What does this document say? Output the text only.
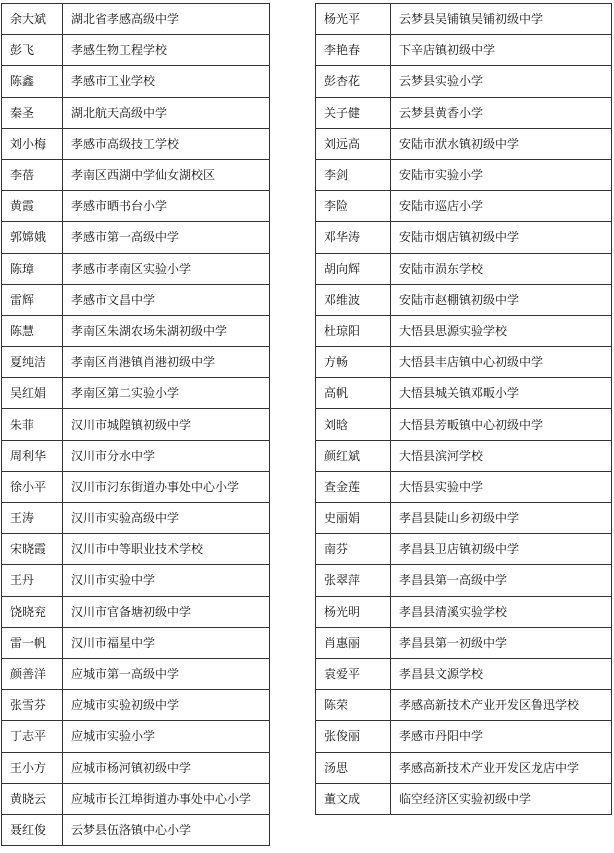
余大斌	湖北省孝感高级中学
彭飞	孝感生物工程学校
陈鑫	孝感市工业学校
秦圣	湖北航天高级中学
刘小梅	孝感市高级技工学校
李蓓	孝南区西湖中学仙女湖校区
黄霞	孝感市晒书台小学
郭嫦娥	孝感市第一高级中学
陈璋	孝感市孝南区实验小学
雷辉	孝感市文昌中学
陈慧	孝南区朱湖农场朱湖初级中学
夏纯洁	孝南区肖港镇肖港初级中学
吴红娟	孝南区第二实验小学
朱菲	汉川市城隍镇初级中学
周利华	汉川市分水中学
徐小平	汉川市汈东街道办事处中心小学
王涛	汉川市实验高级中学
宋晓霞	汉川市中等职业技术学校
王丹	汉川市实验中学
饶晓兖	汉川市官备塘初级中学
雷一帆	汉川市福星中学
颜善洋	应城市第一高级中学
张雪芬	应城市实验初级中学
丁志平	应城市实验小学
王小方	应城市杨河镇初级中学
黄晓云	应城市长江埠街道办事处中心小学
聂红俊	云梦县伍洛镇中心小学
杨光平	云梦县吴铺镇吴铺初级中学
李艳春	下辛店镇初级中学
彭杏花	云梦县实验小学
关子健	云梦县黄香小学
刘远高	安陆市洑水镇初级中学
李剑	安陆市实验小学
李险	安陆市巡店小学
邓华涛	安陆市烟店镇初级中学
胡向辉	安陆市涢东学校
邓维波	安陆市赵棚镇初级中学
杜琼阳	大悟县思源实验学校
方畅	大悟县丰店镇中心初级中学
高帆	大悟县城关镇邓畈小学
刘晗	大悟县芳畈镇中心初级中学
颜红斌	大悟县滨河学校
查金莲	大悟县实验中学
史丽娟	孝昌县陡山乡初级中学
南芬	孝昌县卫店镇初级中学
张翠萍	孝昌县第一高级中学
杨光明	孝昌县清溪实验学校
肖惠丽	孝昌县第一初级中学
袁爱平	孝昌县文源学校
陈荣	孝感高新技术产业开发区鲁迅学校
张俊丽	孝感市丹阳中学
汤思	孝感高新技术产业开发区龙店中学
董文成	临空经济区实验初级中学
